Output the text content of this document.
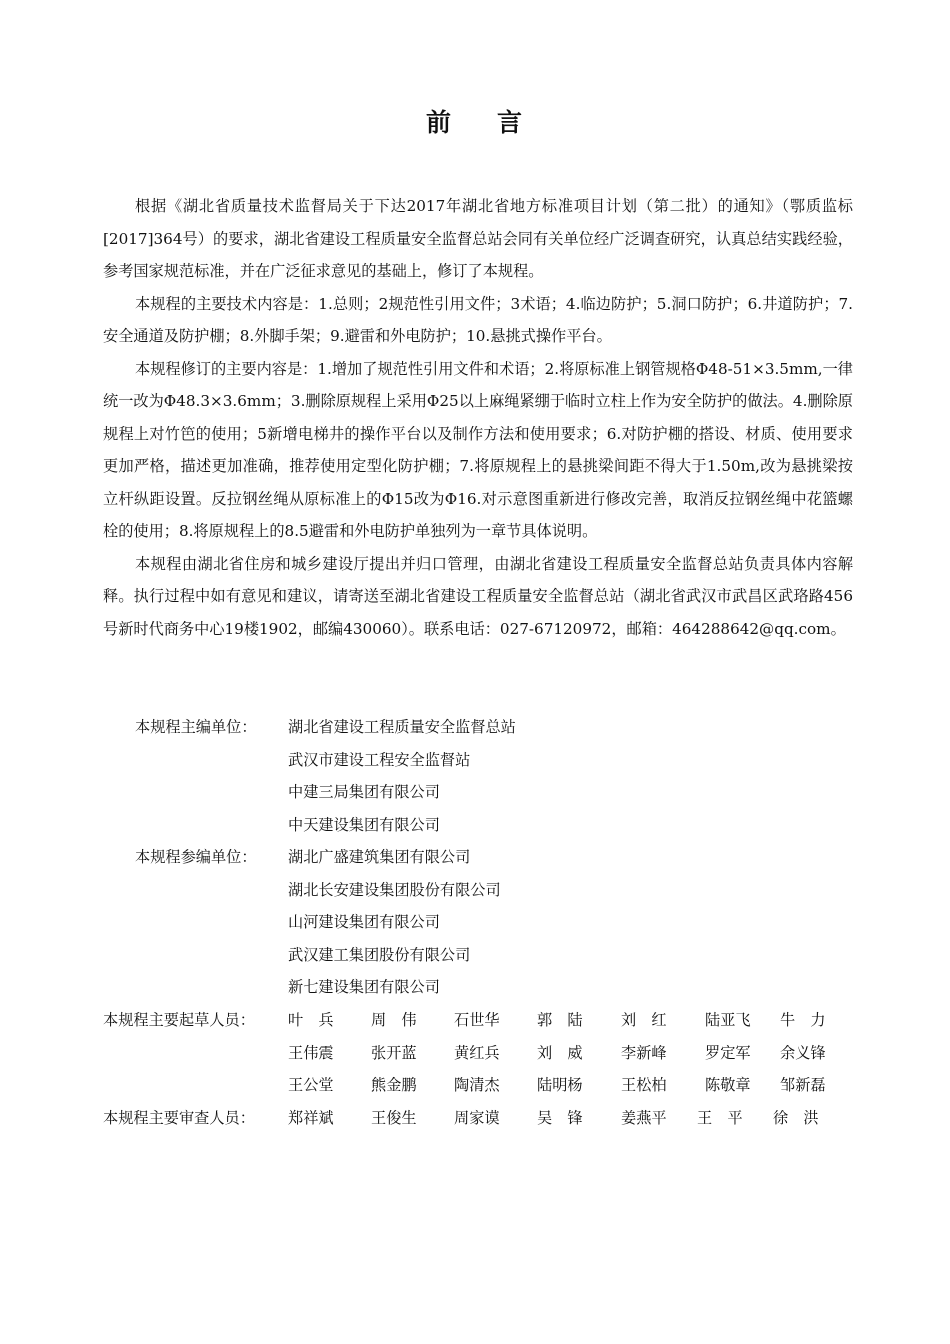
前 言

根据《湖北省质量技术监督局关于下达2017年湖北省地方标准项目计划（第二批）的通知》（鄂质监标[2017]364号）的要求，湖北省建设工程质量安全监督总站会同有关单位经广泛调查研究，认真总结实践经验，参考国家规范标准，并在广泛征求意见的基础上，修订了本规程。

本规程的主要技术内容是：1.总则；2规范性引用文件；3术语；4.临边防护；5.洞口防护；6.井道防护；7.安全通道及防护棚；8.外脚手架；9.避雷和外电防护；10.悬挑式操作平台。

本规程修订的主要内容是：1.增加了规范性引用文件和术语；2.将原标准上钢管规格Φ48-51×3.5mm,一律统一改为Φ48.3×3.6mm；3.删除原规程上采用Φ25以上麻绳紧绷于临时立柱上作为安全防护的做法。4.删除原规程上对竹笆的使用；5新增电梯井的操作平台以及制作方法和使用要求；6.对防护棚的搭设、材质、使用要求更加严格，描述更加准确，推荐使用定型化防护棚；7.将原规程上的悬挑梁间距不得大于1.50m,改为悬挑梁按立杆纵距设置。反拉钢丝绳从原标准上的Φ15改为Φ16.对示意图重新进行修改完善，取消反拉钢丝绳中花篮螺栓的使用；8.将原规程上的8.5避雷和外电防护单独列为一章节具体说明。

本规程由湖北省住房和城乡建设厅提出并归口管理，由湖北省建设工程质量安全监督总站负责具体内容解释。执行过程中如有意见和建议，请寄送至湖北省建设工程质量安全监督总站（湖北省武汉市武昌区武珞路456号新时代商务中心19楼1902，邮编430060）。联系电话：027-67120972，邮箱：464288642@qq.com。

本规程主编单位： 湖北省建设工程质量安全监督总站
武汉市建设工程安全监督站
中建三局集团有限公司
中天建设集团有限公司
本规程参编单位： 湖北广盛建筑集团有限公司
湖北长安建设集团股份有限公司
山河建设集团有限公司
武汉建工集团股份有限公司
新七建设集团有限公司
本规程主要起草人员： 叶　兵 周　伟 石世华 郭　陆	刘　红	陆亚飞 牛　力
王伟震 张开蓝 黄红兵 刘　威	李新峰	罗定军 余义锋
王公堂 熊金鹏 陶清杰 陆明杨	王松柏	陈敬章 邹新磊
本规程主要审查人员： 郑祥斌 王俊生 周家谟 吴　锋	姜燕平 王　平 徐　洪
